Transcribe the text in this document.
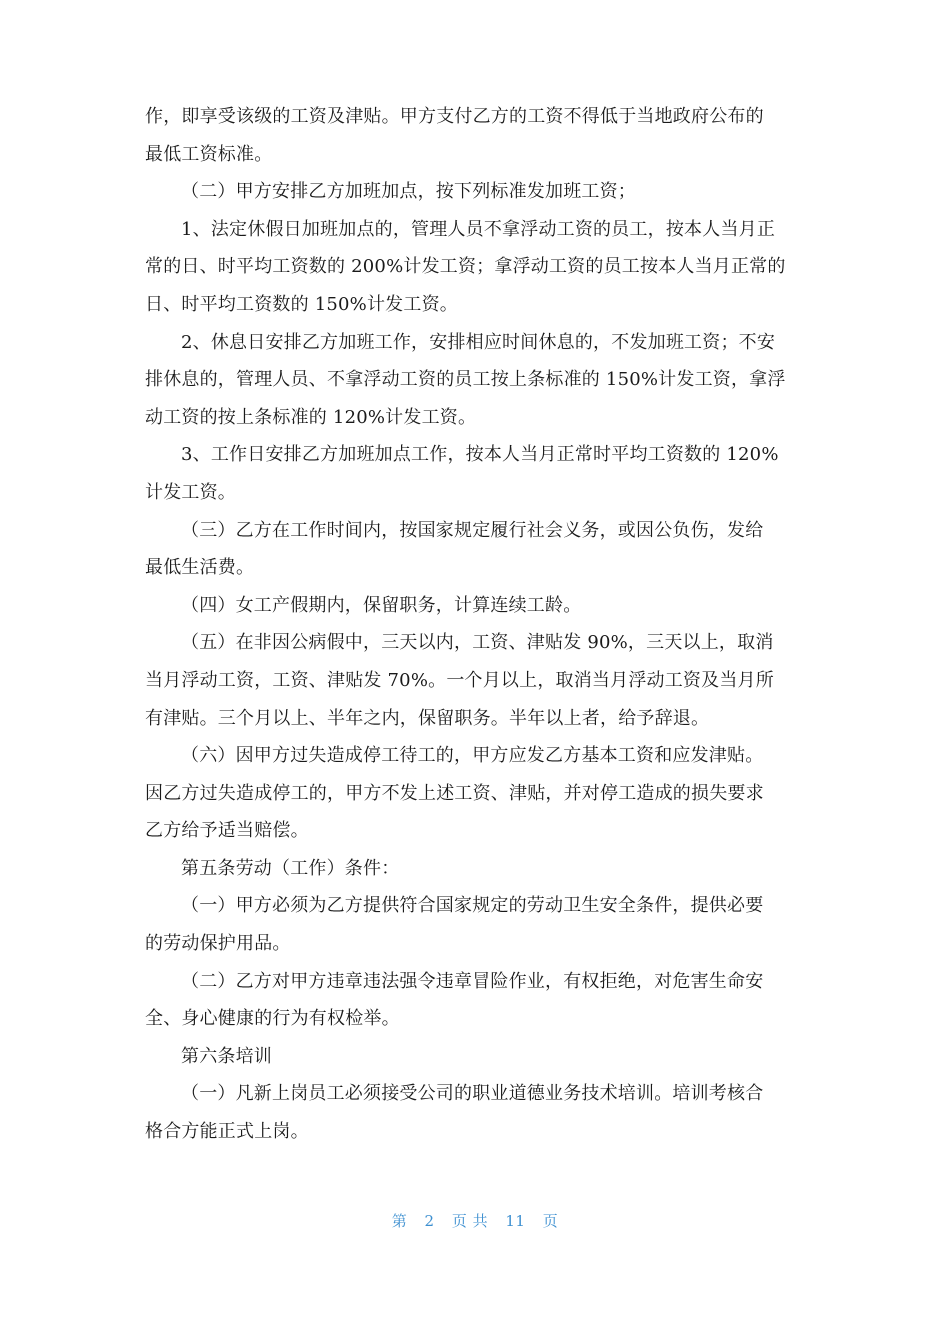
作，即享受该级的工资及津贴。甲方支付乙方的工资不得低于当地政府公布的
最低工资标准。
（二）甲方安排乙方加班加点，按下列标准发加班工资；
1、法定休假日加班加点的，管理人员不拿浮动工资的员工，按本人当月正
常的日、时平均工资数的 200%计发工资；拿浮动工资的员工按本人当月正常的
日、时平均工资数的 150%计发工资。
2、休息日安排乙方加班工作，安排相应时间休息的，不发加班工资；不安
排休息的，管理人员、不拿浮动工资的员工按上条标准的 150%计发工资，拿浮
动工资的按上条标准的 120%计发工资。
3、工作日安排乙方加班加点工作，按本人当月正常时平均工资数的 120%
计发工资。
（三）乙方在工作时间内，按国家规定履行社会义务，或因公负伤，发给
最低生活费。
（四）女工产假期内，保留职务，计算连续工龄。
（五）在非因公病假中，三天以内，工资、津贴发 90%，三天以上，取消
当月浮动工资，工资、津贴发 70%。一个月以上，取消当月浮动工资及当月所
有津贴。三个月以上、半年之内，保留职务。半年以上者，给予辞退。
（六）因甲方过失造成停工待工的，甲方应发乙方基本工资和应发津贴。
因乙方过失造成停工的，甲方不发上述工资、津贴，并对停工造成的损失要求
乙方给予适当赔偿。
第五条劳动（工作）条件：
（一）甲方必须为乙方提供符合国家规定的劳动卫生安全条件，提供必要
的劳动保护用品。
（二）乙方对甲方违章违法强令违章冒险作业，有权拒绝，对危害生命安
全、身心健康的行为有权检举。
第六条培训
（一）凡新上岗员工必须接受公司的职业道德业务技术培训。培训考核合
格合方能正式上岗。
第 2 页 共 11 页
